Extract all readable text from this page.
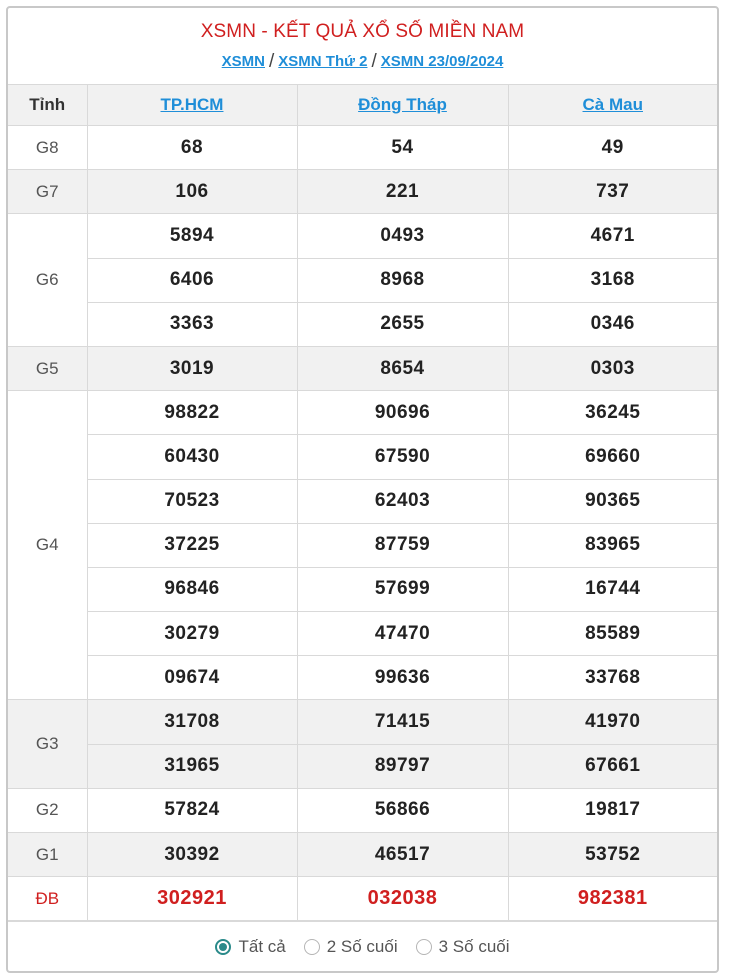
XSMN - KẾT QUẢ XỔ SỐ MIỀN NAM
XSMN / XSMN Thứ 2 / XSMN 23/09/2024
Tỉnh	TP.HCM	Đồng Tháp	Cà Mau
G8	68	54	49
G7	106	221	737
G6	5894	0493	4671
	6406	8968	3168
	3363	2655	0346
G5	3019	8654	0303
G4	98822	90696	36245
	60430	67590	69660
	70523	62403	90365
	37225	87759	83965
	96846	57699	16744
	30279	47470	85589
	09674	99636	33768
G3	31708	71415	41970
	31965	89797	67661
G2	57824	56866	19817
G1	30392	46517	53752
ĐB	302921	032038	982381
Tất cả 2 Số cuối 3 Số cuối
